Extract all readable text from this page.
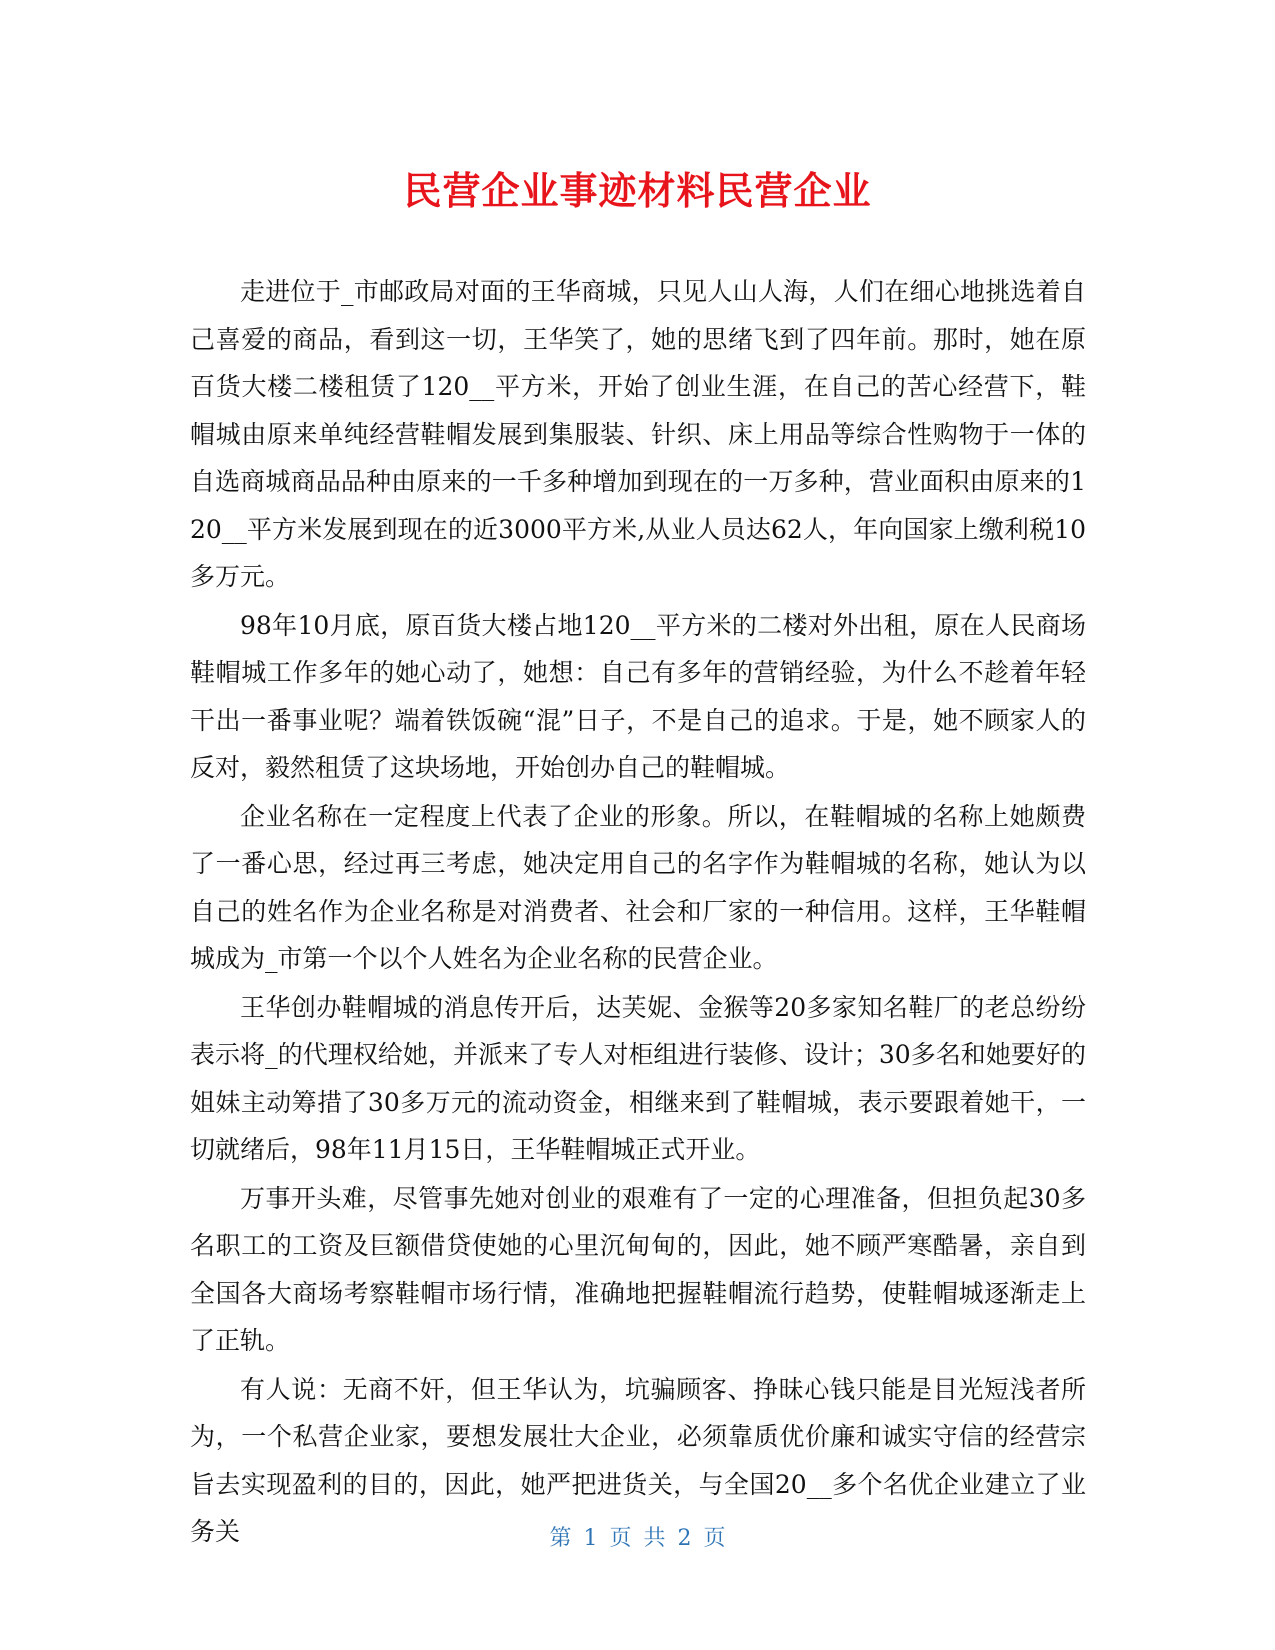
民营企业事迹材料民营企业

走进位于_市邮政局对面的王华商城，只见人山人海，人们在细心地挑选着自己喜爱的商品，看到这一切，王华笑了，她的思绪飞到了四年前。那时，她在原百货大楼二楼租赁了120__平方米，开始了创业生涯，在自己的苦心经营下，鞋帽城由原来单纯经营鞋帽发展到集服装、针织、床上用品等综合性购物于一体的自选商城商品品种由原来的一千多种增加到现在的一万多种，营业面积由原来的120__平方米发展到现在的近3000平方米,从业人员达62人，年向国家上缴利税10多万元。

98年10月底，原百货大楼占地120__平方米的二楼对外出租，原在人民商场鞋帽城工作多年的她心动了，她想：自己有多年的营销经验，为什么不趁着年轻干出一番事业呢？端着铁饭碗“混”日子，不是自己的追求。于是，她不顾家人的反对，毅然租赁了这块场地，开始创办自己的鞋帽城。

企业名称在一定程度上代表了企业的形象。所以，在鞋帽城的名称上她颇费了一番心思，经过再三考虑，她决定用自己的名字作为鞋帽城的名称，她认为以自己的姓名作为企业名称是对消费者、社会和厂家的一种信用。这样，王华鞋帽城成为_市第一个以个人姓名为企业名称的民营企业。

王华创办鞋帽城的消息传开后，达芙妮、金猴等20多家知名鞋厂的老总纷纷表示将_的代理权给她，并派来了专人对柜组进行装修、设计；30多名和她要好的姐妹主动筹措了30多万元的流动资金，相继来到了鞋帽城，表示要跟着她干，一切就绪后，98年11月15日，王华鞋帽城正式开业。

万事开头难，尽管事先她对创业的艰难有了一定的心理准备，但担负起30多名职工的工资及巨额借贷使她的心里沉甸甸的，因此，她不顾严寒酷暑，亲自到全国各大商场考察鞋帽市场行情，准确地把握鞋帽流行趋势，使鞋帽城逐渐走上了正轨。

有人说：无商不奸，但王华认为，坑骗顾客、挣昧心钱只能是目光短浅者所为，一个私营企业家，要想发展壮大企业，必须靠质优价廉和诚实守信的经营宗旨去实现盈利的目的，因此，她严把进货关，与全国20__多个名优企业建立了业务关	第 1 页 共 2 页
